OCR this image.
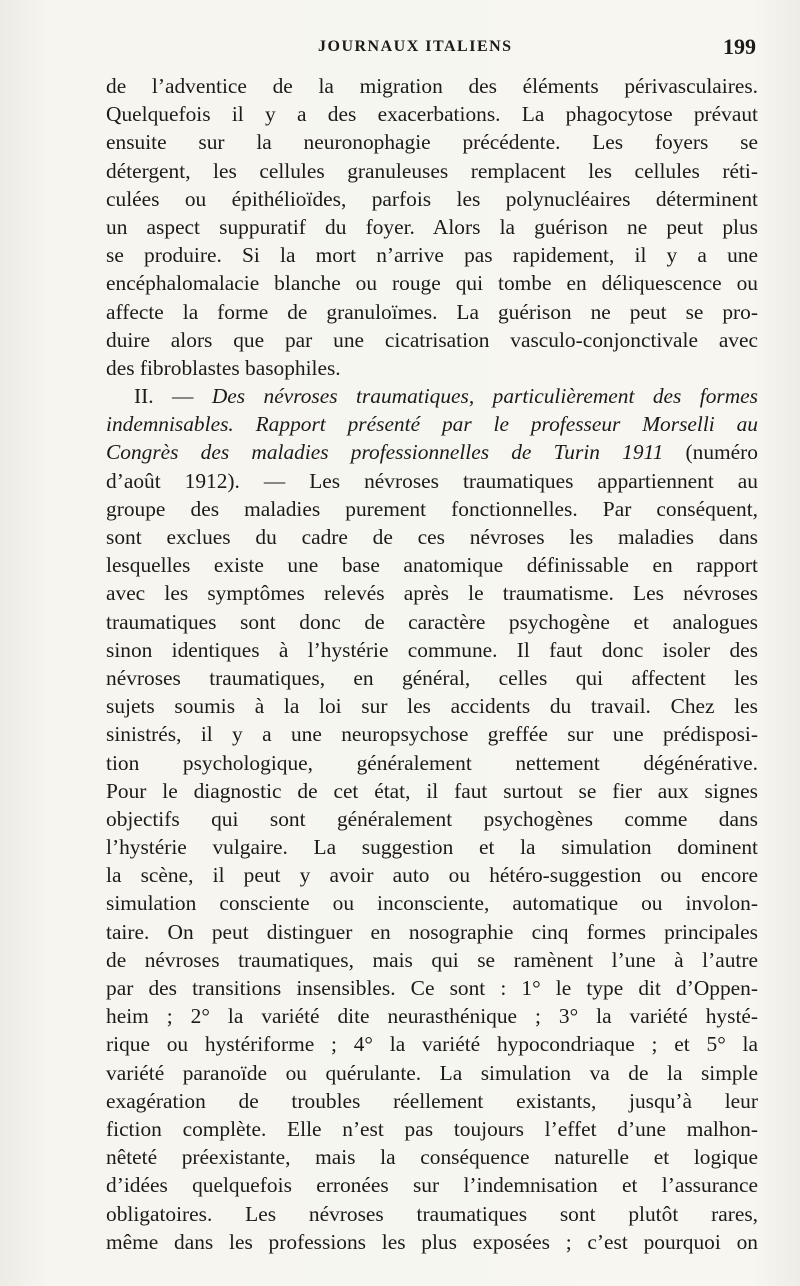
JOURNAUX ITALIENS	199
de l’adventice de la migration des éléments périvasculaires.
Quelquefois il y a des exacerbations. La phagocytose prévaut
ensuite sur la neuronophagie précédente. Les foyers se
détergent, les cellules granuleuses remplacent les cellules réti-
culées ou épithélioïdes, parfois les polynucléaires déterminent
un aspect suppuratif du foyer. Alors la guérison ne peut plus
se produire. Si la mort n’arrive pas rapidement, il y a une
encéphalomalacie blanche ou rouge qui tombe en déliquescence ou
affecte la forme de granuloïmes. La guérison ne peut se pro-
duire alors que par une cicatrisation vasculo-conjonctivale avec
des fibroblastes basophiles.
II. — Des névroses traumatiques, particulièrement des formes
indemnisables. Rapport présenté par le professeur Morselli au
Congrès des maladies professionnelles de Turin 1911 (numéro
d’août 1912). — Les névroses traumatiques appartiennent au
groupe des maladies purement fonctionnelles. Par conséquent,
sont exclues du cadre de ces névroses les maladies dans
lesquelles existe une base anatomique définissable en rapport
avec les symptômes relevés après le traumatisme. Les névroses
traumatiques sont donc de caractère psychogène et analogues
sinon identiques à l’hystérie commune. Il faut donc isoler des
névroses traumatiques, en général, celles qui affectent les
sujets soumis à la loi sur les accidents du travail. Chez les
sinistrés, il y a une neuropsychose greffée sur une prédisposi-
tion psychologique, généralement nettement dégénérative.
Pour le diagnostic de cet état, il faut surtout se fier aux signes
objectifs qui sont généralement psychogènes comme dans
l’hystérie vulgaire. La suggestion et la simulation dominent
la scène, il peut y avoir auto ou hétéro-suggestion ou encore
simulation consciente ou inconsciente, automatique ou involon-
taire. On peut distinguer en nosographie cinq formes principales
de névroses traumatiques, mais qui se ramènent l’une à l’autre
par des transitions insensibles. Ce sont : 1° le type dit d’Oppen-
heim ; 2° la variété dite neurasthénique ; 3° la variété hysté-
rique ou hystériforme ; 4° la variété hypocondriaque ; et 5° la
variété paranoïde ou quérulante. La simulation va de la simple
exagération de troubles réellement existants, jusqu’à leur
fiction complète. Elle n’est pas toujours l’effet d’une malhon-
nêteté préexistante, mais la conséquence naturelle et logique
d’idées quelquefois erronées sur l’indemnisation et l’assurance
obligatoires. Les névroses traumatiques sont plutôt rares,
même dans les professions les plus exposées ; c’est pourquoi on
